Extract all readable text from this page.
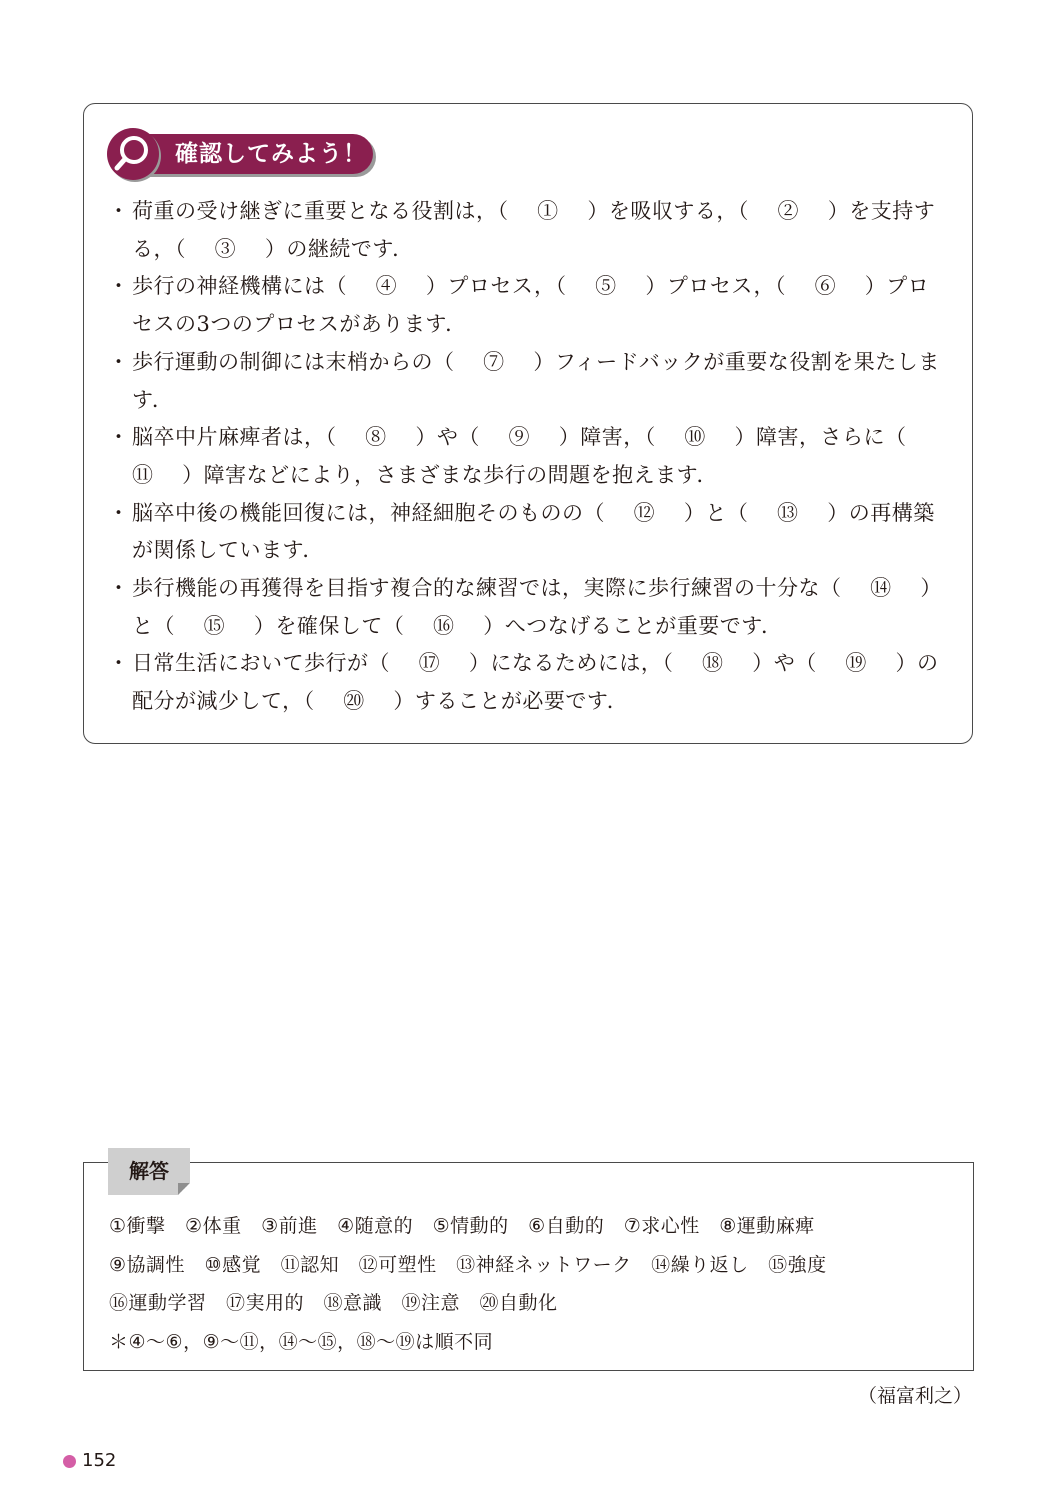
確認してみよう！

・ 荷重の受け継ぎに重要となる役割は，（　 ①　 ）を吸収する，（　 ②　 ）を支持する，（　 ③　 ）の継続です．

・ 歩行の神経機構には（　 ④　 ）プロセス，（　 ⑤　 ）プロセス，（　 ⑥　 ）プロセスの3つのプロセスがあります．

・ 歩行運動の制御には末梢からの（　 ⑦　 ）フィードバックが重要な役割を果たします．

・ 脳卒中片麻痺者は，（　 ⑧　 ）や（　 ⑨　 ）障害，（　 ⑩　 ）障害，さらに（　 ⑪　 ）障害などにより，さまざまな歩行の問題を抱えます．

・ 脳卒中後の機能回復には，神経細胞そのものの（　 ⑫　 ）と（　 ⑬　 ）の再構築が関係しています．

・ 歩行機能の再獲得を目指す複合的な練習では，実際に歩行練習の十分な（　 ⑭　 ）と（　 ⑮　 ）を確保して（　 ⑯　 ）へつなげることが重要です．

・ 日常生活において歩行が（　 ⑰　 ）になるためには，（　 ⑱　 ）や（　 ⑲　 ）の配分が減少して，（　 ⑳　 ）することが必要です．

解答

①衝撃　②体重　③前進　④随意的　⑤情動的　⑥自動的　⑦求心性　⑧運動麻痺

⑨協調性　⑩感覚　⑪認知　⑫可塑性　⑬神経ネットワーク　⑭繰り返し　⑮強度

⑯運動学習　⑰実用的　⑱意識　⑲注意　⑳自動化

＊④～⑥，⑨～⑪，⑭～⑮，⑱～⑲は順不同

（福富利之）
152
